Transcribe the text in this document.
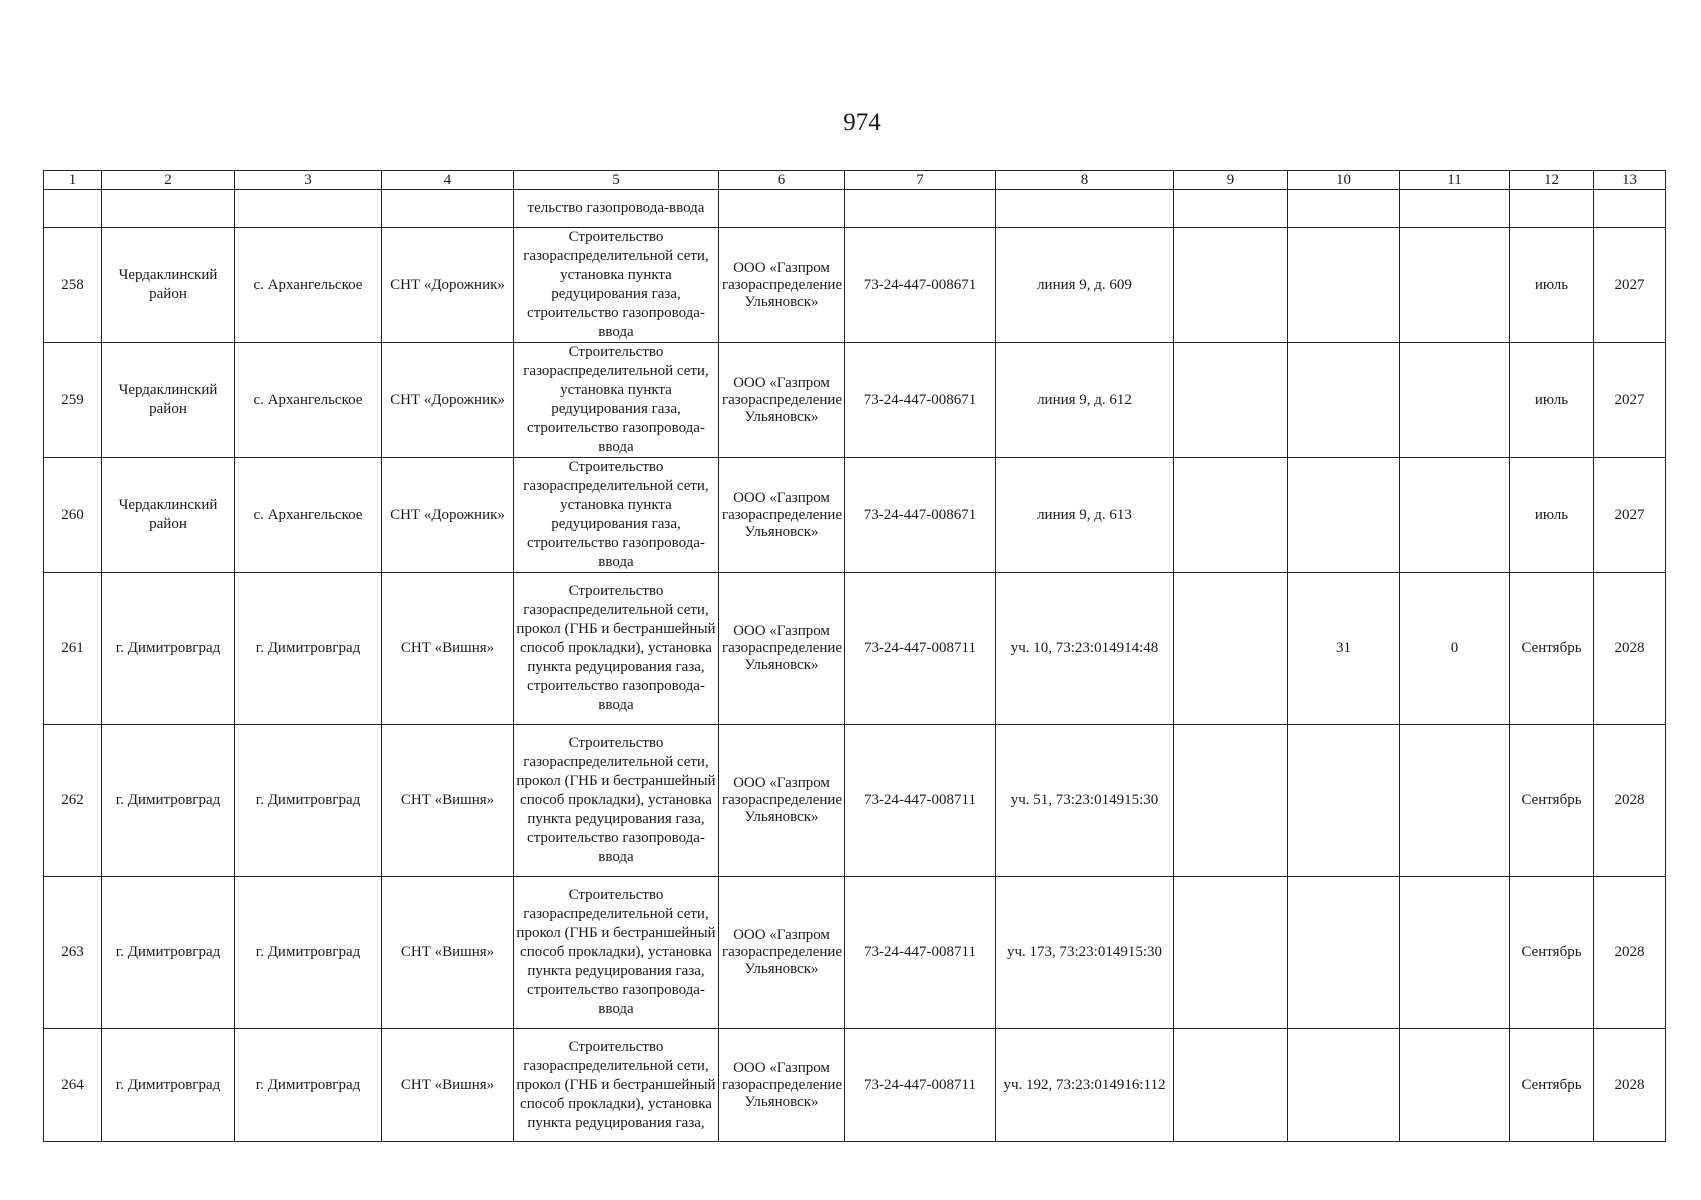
974
1	2	3	4	5	6	7	8	9	10	11	12	13
				тельство газопровода-ввода								
258	Чердаклинский район	с. Архангельское	СНТ «Дорожник»	Строительство газораспределительной сети, установка пункта редуцирования газа, строительство газопровода-ввода	ООО «Газпром газораспределение Ульяновск»	73-24-447-008671	линия 9, д. 609				июль	2027
259	Чердаклинский район	с. Архангельское	СНТ «Дорожник»	Строительство газораспределительной сети, установка пункта редуцирования газа, строительство газопровода-ввода	ООО «Газпром газораспределение Ульяновск»	73-24-447-008671	линия 9, д. 612				июль	2027
260	Чердаклинский район	с. Архангельское	СНТ «Дорожник»	Строительство газораспределительной сети, установка пункта редуцирования газа, строительство газопровода-ввода	ООО «Газпром газораспределение Ульяновск»	73-24-447-008671	линия 9, д. 613				июль	2027
261	г. Димитровград	г. Димитровград	СНТ «Вишня»	Строительство газораспределительной сети, прокол (ГНБ и бестраншейный способ прокладки), установка пункта редуцирования газа, строительство газопровода-ввода	ООО «Газпром газораспределение Ульяновск»	73-24-447-008711	уч. 10, 73:23:014914:48		31	0	Сентябрь	2028
262	г. Димитровград	г. Димитровград	СНТ «Вишня»	Строительство газораспределительной сети, прокол (ГНБ и бестраншейный способ прокладки), установка пункта редуцирования газа, строительство газопровода-ввода	ООО «Газпром газораспределение Ульяновск»	73-24-447-008711	уч. 51, 73:23:014915:30				Сентябрь	2028
263	г. Димитровград	г. Димитровград	СНТ «Вишня»	Строительство газораспределительной сети, прокол (ГНБ и бестраншейный способ прокладки), установка пункта редуцирования газа, строительство газопровода-ввода	ООО «Газпром газораспределение Ульяновск»	73-24-447-008711	уч. 173, 73:23:014915:30				Сентябрь	2028
264	г. Димитровград	г. Димитровград	СНТ «Вишня»	Строительство газораспределительной сети, прокол (ГНБ и бестраншейный способ прокладки), установка пункта редуцирования газа,	ООО «Газпром газораспределение Ульяновск»	73-24-447-008711	уч. 192, 73:23:014916:112				Сентябрь	2028
